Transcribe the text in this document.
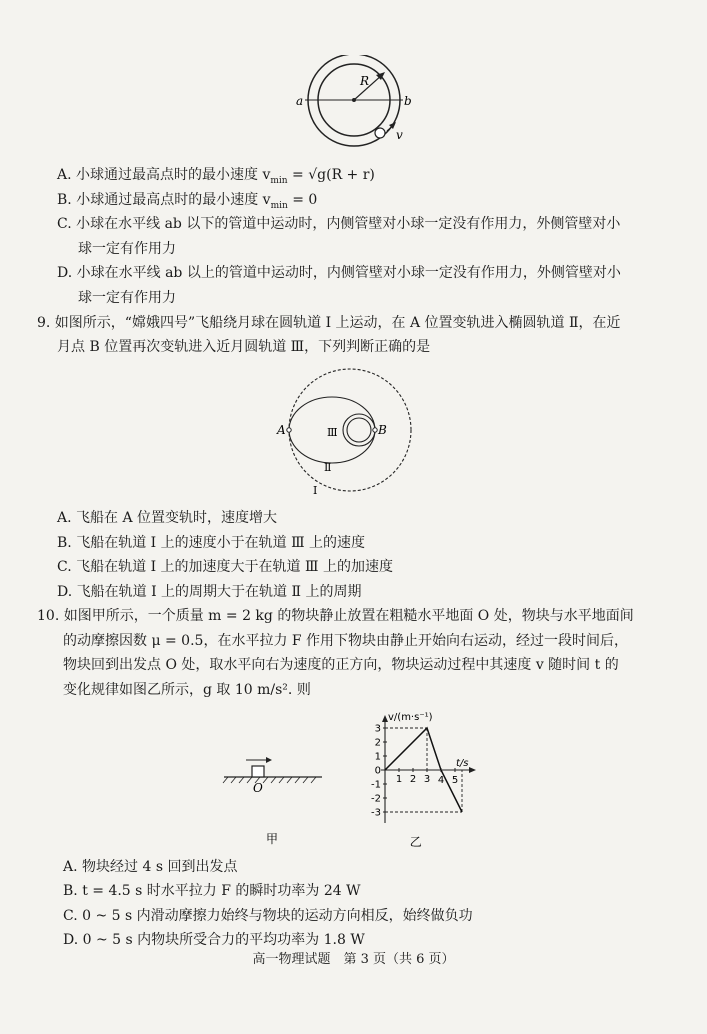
R
a	b
v
A. 小球通过最高点时的最小速度 $v_{min} = √g(R + r)$
B. 小球通过最高点时的最小速度 $v_{min} = 0$
C. 小球在水平线 ab 以下的管道中运动时，内侧管壁对小球一定没有作用力，外侧管壁对小
球一定有作用力
D. 小球在水平线 ab 以上的管道中运动时，内侧管壁对小球一定没有作用力，外侧管壁对小
球一定有作用力
9. 如图所示，“嫦娥四号”飞船绕月球在圆轨道 Ⅰ 上运动，在 A 位置变轨进入椭圆轨道 Ⅱ，在近
月点 B 位置再次变轨进入近月圆轨道 Ⅲ，下列判断正确的是
A	B
Ⅲ
Ⅱ
Ⅰ
A. 飞船在 A 位置变轨时，速度增大
B. 飞船在轨道 Ⅰ 上的速度小于在轨道 Ⅲ 上的速度
C. 飞船在轨道 Ⅰ 上的加速度大于在轨道 Ⅲ 上的加速度
D. 飞船在轨道 Ⅰ 上的周期大于在轨道 Ⅱ 上的周期
10. 如图甲所示，一个质量 m = 2 kg 的物块静止放置在粗糙水平地面 O 处，物块与水平地面间
的动摩擦因数 μ = 0.5，在水平拉力 F 作用下物块由静止开始向右运动，经过一段时间后，
物块回到出发点 O 处，取水平向右为速度的正方向，物块运动过程中其速度 v 随时间 t 的
变化规律如图乙所示，g 取 10 m/s². 则
O
甲
v/(m·s⁻¹)
t/s
3
2
1
0
-1
-2
-3
1 2 3 4 5
乙
A. 物块经过 4 s 回到出发点
B. t = 4.5 s 时水平拉力 F 的瞬时功率为 24 W
C. 0 ~ 5 s 内滑动摩擦力始终与物块的运动方向相反，始终做负功
D. 0 ~ 5 s 内物块所受合力的平均功率为 1.8 W
高一物理试题　第 3 页（共 6 页）
